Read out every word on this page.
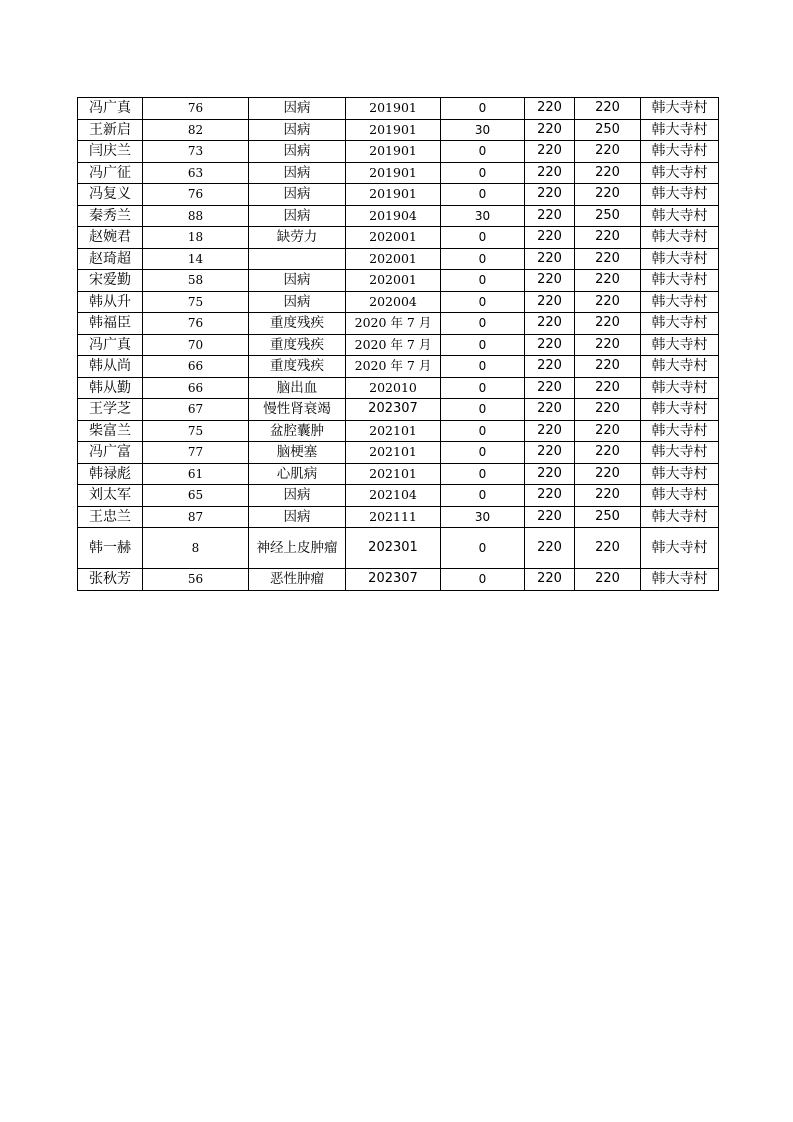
冯广真	76	因病	201901	0	220	220	韩大寺村
王新启	82	因病	201901	30	220	250	韩大寺村
闫庆兰	73	因病	201901	0	220	220	韩大寺村
冯广征	63	因病	201901	0	220	220	韩大寺村
冯复义	76	因病	201901	0	220	220	韩大寺村
秦秀兰	88	因病	201904	30	220	250	韩大寺村
赵婉君	18	缺劳力	202001	0	220	220	韩大寺村
赵琦超	14		202001	0	220	220	韩大寺村
宋爱勤	58	因病	202001	0	220	220	韩大寺村
韩从升	75	因病	202004	0	220	220	韩大寺村
韩福臣	76	重度残疾	2020 年 7 月	0	220	220	韩大寺村
冯广真	70	重度残疾	2020 年 7 月	0	220	220	韩大寺村
韩从尚	66	重度残疾	2020 年 7 月	0	220	220	韩大寺村
韩从勤	66	脑出血	202010	0	220	220	韩大寺村
王学芝	67	慢性肾衰竭	202307	0	220	220	韩大寺村
柴富兰	75	盆腔囊肿	202101	0	220	220	韩大寺村
冯广富	77	脑梗塞	202101	0	220	220	韩大寺村
韩禄彪	61	心肌病	202101	0	220	220	韩大寺村
刘太军	65	因病	202104	0	220	220	韩大寺村
王忠兰	87	因病	202111	30	220	250	韩大寺村
韩一赫	8	神经上皮肿瘤	202301	0	220	220	韩大寺村
张秋芳	56	恶性肿瘤	202307	0	220	220	韩大寺村
